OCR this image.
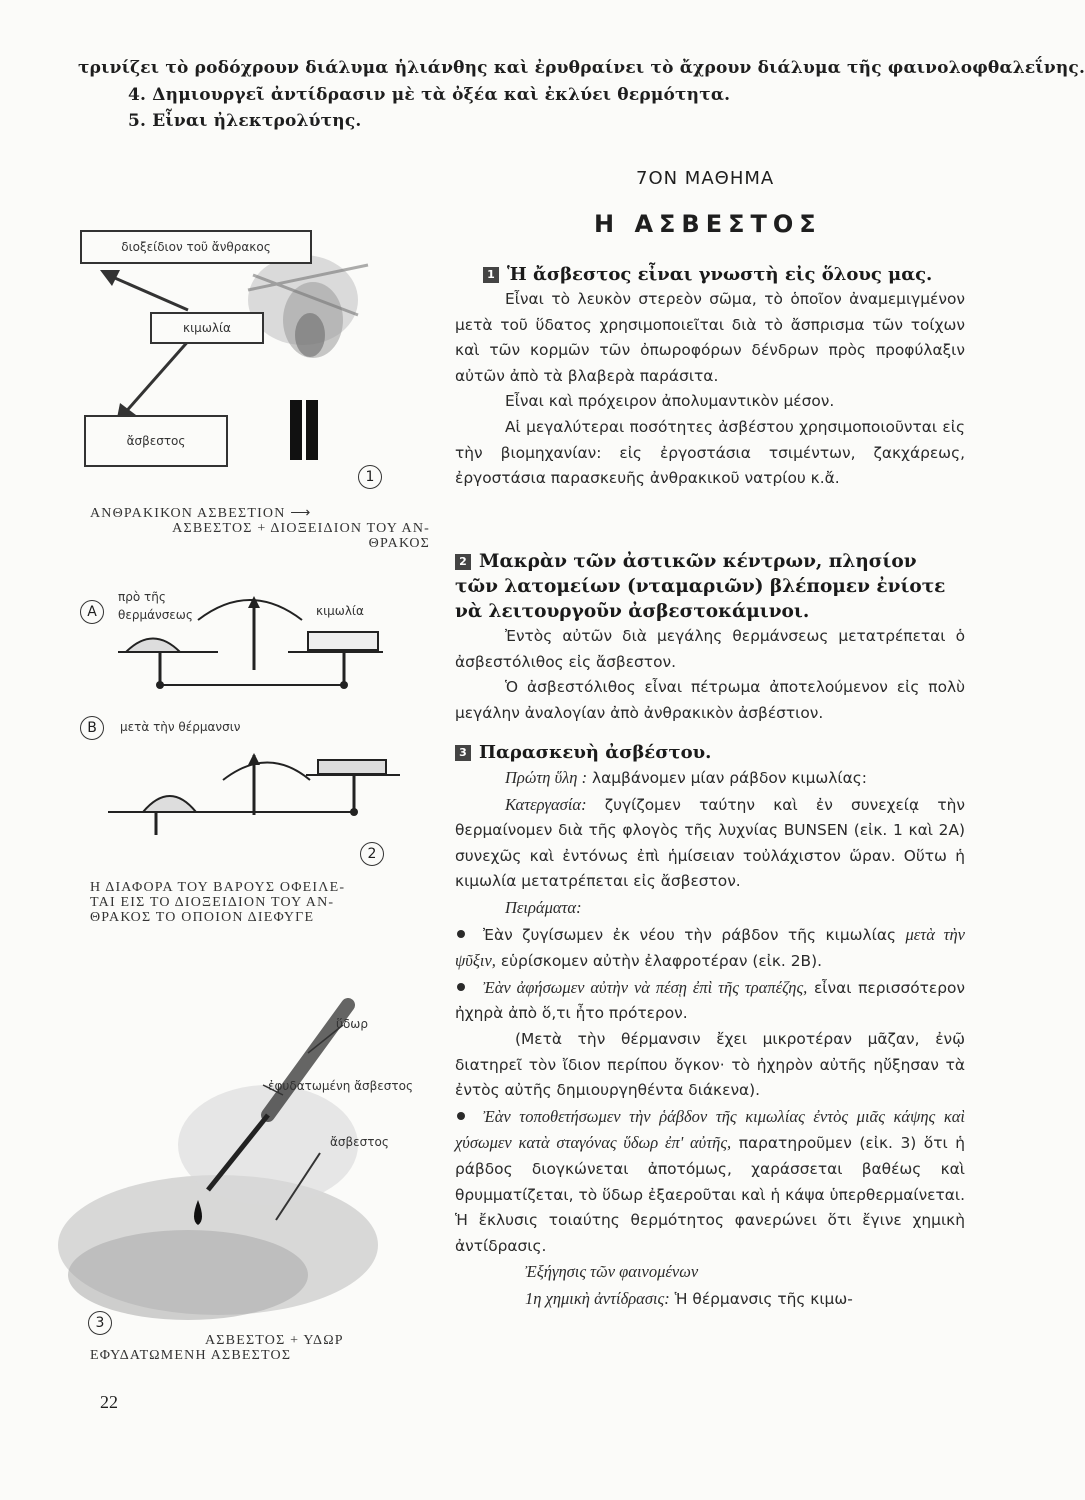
τρινίζει τὸ ροδόχρουν διάλυμα ἡλιάνθης καὶ ἐρυθραίνει τὸ ἄχρουν διάλυμα τῆς φαινολοφθαλεΐνης.
4. Δημιουργεῖ ἀντίδρασιν μὲ τὰ ὀξέα καὶ ἐκλύει θερμότητα.
5. Εἶναι ἠλεκτρολύτης.
διοξείδιον τοῦ ἄνθρακος
κιμωλία
ἄσβεστος
1
ΑΝΘΡΑΚΙΚΟΝ ΑΣΒΕΣΤΙΟΝ ⟶
ΑΣΒΕΣΤΟΣ + ΔΙΟΞΕΙΔΙΟΝ ΤΟΥ ΑΝ-
ΘΡΑΚΟΣ
A
πρὸ τῆς θερμάνσεως	κιμωλία
B	μετὰ τὴν θέρμανσιν
2
Η ΔΙΑΦΟΡΑ ΤΟΥ ΒΑΡΟΥΣ ΟΦΕΙΛΕ-
ΤΑΙ ΕΙΣ ΤΟ ΔΙΟΞΕΙΔΙΟΝ ΤΟΥ ΑΝ-
ΘΡΑΚΟΣ ΤΟ ΟΠΟΙΟΝ ΔΙΕΦΥΓΕ
ὕδωρ
ἐφυδατωμένη ἄσβεστος
ἄσβεστος
3
ΑΣΒΕΣΤΟΣ + ΥΔΩΡ
ΕΦΥΔΑΤΩΜΕΝΗ ΑΣΒΕΣΤΟΣ
22
7ΟΝ ΜΑΘΗΜΑ
Η ΑΣΒΕΣΤΟΣ
1 Ἡ ἄσβεστος εἶναι γνωστὴ εἰς ὅλους μας.
Εἶναι τὸ λευκὸν στερεὸν σῶμα, τὸ ὁποῖον ἀναμεμιγμένον μετὰ τοῦ ὕδατος χρησιμοποιεῖται διὰ τὸ ἄσπρισμα τῶν τοίχων καὶ τῶν κορμῶν τῶν ὀπωροφόρων δένδρων πρὸς προφύλαξιν αὐτῶν ἀπὸ τὰ βλαβερὰ παράσιτα.
Εἶναι καὶ πρόχειρον ἀπολυμαντικὸν μέσον.
Αἱ μεγαλύτεραι ποσότητες ἀσβέστου χρησιμοποιοῦνται εἰς τὴν βιομηχανίαν: εἰς ἐργοστάσια τσιμέντων, ζακχάρεως, ἐργοστάσια παρασκευῆς ἀνθρακικοῦ νατρίου κ.ἄ.
2 Μακρὰν τῶν ἀστικῶν κέντρων, πλησίον τῶν λατομείων (νταμαριῶν) βλέπομεν ἐνίοτε νὰ λειτουργοῦν ἀσβεστοκάμινοι.
Ἐντὸς αὐτῶν διὰ μεγάλης θερμάνσεως μετατρέπεται ὁ ἀσβεστόλιθος εἰς ἄσβεστον.
Ὁ ἀσβεστόλιθος εἶναι πέτρωμα ἀποτελούμενον εἰς πολὺ μεγάλην ἀναλογίαν ἀπὸ ἀνθρακικὸν ἀσβέστιον.
3 Παρασκευὴ ἀσβέστου.
Πρώτη ὕλη : λαμβάνομεν μίαν ράβδον κιμωλίας:
Κατεργασία: ζυγίζομεν ταύτην καὶ ἐν συνεχείᾳ τὴν θερμαίνομεν διὰ τῆς φλογὸς τῆς λυχνίας BUNSEN (εἰκ. 1 καὶ 2Α) συνεχῶς καὶ ἐντόνως ἐπὶ ἡμίσειαν τοὐλάχιστον ὥραν. Οὕτω ἡ κιμωλία μετατρέπεται εἰς ἄσβεστον.
Πειράματα:
Ἐὰν ζυγίσωμεν ἐκ νέου τὴν ράβδον τῆς κιμωλίας μετὰ τὴν ψῦξιν, εὑρίσκομεν αὐτὴν ἐλαφροτέραν (εἰκ. 2Β).
Ἐὰν ἀφήσωμεν αὐτὴν νὰ πέσῃ ἐπὶ τῆς τραπέζης, εἶναι περισσότερον ἠχηρὰ ἀπὸ ὅ,τι ἦτο πρότερον.
(Μετὰ τὴν θέρμανσιν ἔχει μικροτέραν μᾶζαν, ἐνῷ διατηρεῖ τὸν ἴδιον περίπου ὄγκον· τὸ ἠχηρὸν αὐτῆς ηὔξησαν τὰ ἐντὸς αὐτῆς δημιουργηθέντα διάκενα).
Ἐὰν τοποθετήσωμεν τὴν ῥάβδον τῆς κιμωλίας ἐντὸς μιᾶς κάψης καὶ χύσωμεν κατὰ σταγόνας ὕδωρ ἐπ' αὐτῆς, παρατηροῦμεν (εἰκ. 3) ὅτι ἡ ράβδος διογκώνεται ἀποτόμως, χαράσσεται βαθέως καὶ θρυμματίζεται, τὸ ὕδωρ ἐξαεροῦται καὶ ἡ κάψα ὑπερθερμαίνεται. Ἡ ἔκλυσις τοιαύτης θερμότητος φανερώνει ὅτι ἔγινε χημικὴ ἀντίδρασις.
Ἐξήγησις τῶν φαινομένων
1η χημικὴ ἀντίδρασις: Ἡ θέρμανσις τῆς κιμω-
